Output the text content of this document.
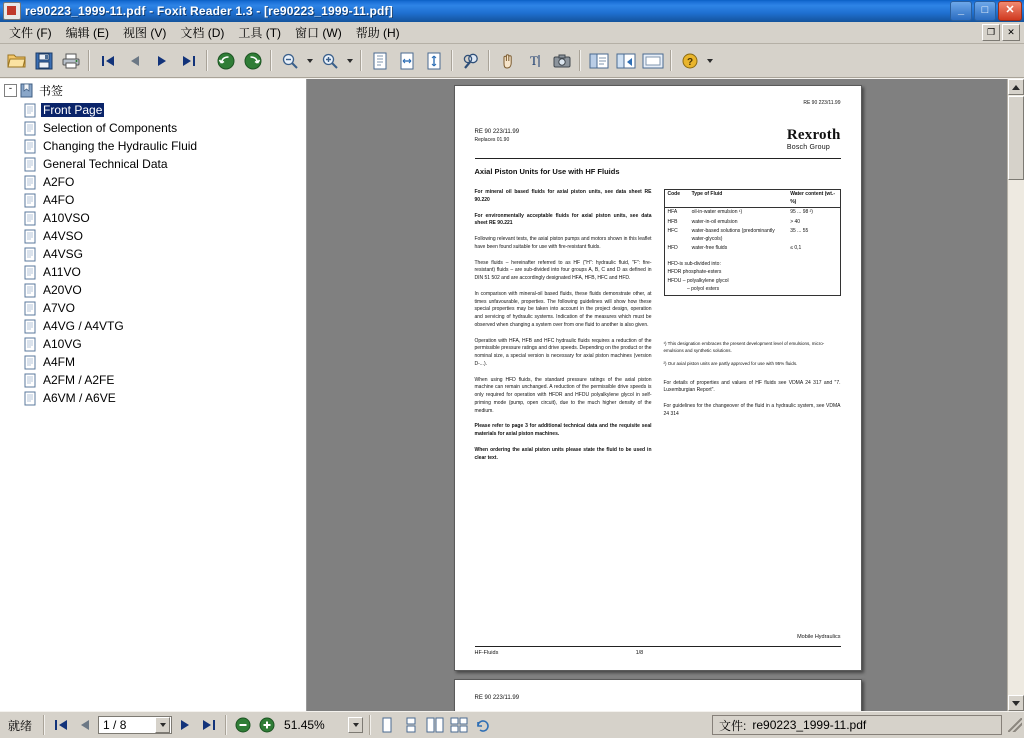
re90223_1999-11.pdf - Foxit Reader 1.3 - [re90223_1999-11.pdf]	_	□	✕
文件 (F)	编辑 (E)	视图 (V)	文档 (D)	工具 (T)	窗口 (W)	帮助 (H)	❐	✕
T	?
-	书签
Front Page
Selection of Components
Changing the Hydraulic Fluid
General Technical Data
A2FO
A4FO
A10VSO
A4VSO
A4VSG
A11VO
A20VO
A7VO
A4VG / A4VTG
A10VG
A4FM
A2FM / A2FE
A6VM / A6VE
RE 90 223/11.99
RE 90 223/11.99
Replaces 01.90	Rexroth
Bosch Group
Axial Piston Units for Use with HF Fluids
For mineral oil based fluids for axial piston units, see data sheet RE 90.220
For environmentally acceptable fluids for axial piston units, see data sheet RE 90.221
Following relevant tests, the axial piston pumps and motors shown in this leaflet have been found suitable for use with fire-resistant fluids.
These fluids – hereinafter referred to as HF ("H": hydraulic fluid, "F": fire-resistant) fluids – are sub-divided into four groups A, B, C and D as defined in DIN 51 502 and are accordingly designated HFA, HFB, HFC and HFD.
In comparison with mineral-oil based fluids, these fluids demonstrate other, at times unfavourable, properties. The following guidelines will show how these special properties may be taken into account in the project design, operation and servicing of hydraulic systems. Indication of the measures which must be observed when changing a system over from one fluid to another is also given.
Operation with HFA, HFB and HFC hydraulic fluids requires a reduction of the permissible pressure ratings and drive speeds. Depending on the product or the nominal size, a special version is necessary for axial piston machines (version D-...).
When using HFD fluids, the standard pressure ratings of the axial piston machine can remain unchanged. A reduction of the permissible drive speeds is only required for operation with HFDR and HFDU polyalkylene glycol in self-priming mode (pump, open circuit), due to the much higher density of the medium.
Please refer to page 3 for additional technical data and the requisite seal materials for axial piston machines.
When ordering the axial piston units please state the fluid to be used in clear text.
Code	Type of Fluid	Water content (wt.-%)
HFA	oil-in-water emulsion ¹)	95 ... 98 ²)
HFB	water-in-oil emulsion	> 40
HFC	water-based solutions (predominantly water-glycols)	35 ... 55
HFD	water-free fluids	≤ 0,1

HFD-is sub-divided into:
HFDR phosphate-esters
HFDU – polyalkylene glycol
– polyol esters		
¹) This designation embraces the present development level of emulsions, micro-emulsions and synthetic solutions.
²) Our axial piston units are partly approved for use with 95% fluids.
For details of properties and values of HF fluids see VDMA 24 317 and "7. Luxemburgian Report".
For guidelines for the changeover of the fluid in a hydraulic system, see VDMA 24 314
Mobile Hydraulics
HF-Fluids	1/8
RE 90 223/11.99
就绪	1 / 8	51.45%	文件: re90223_1999-11.pdf
